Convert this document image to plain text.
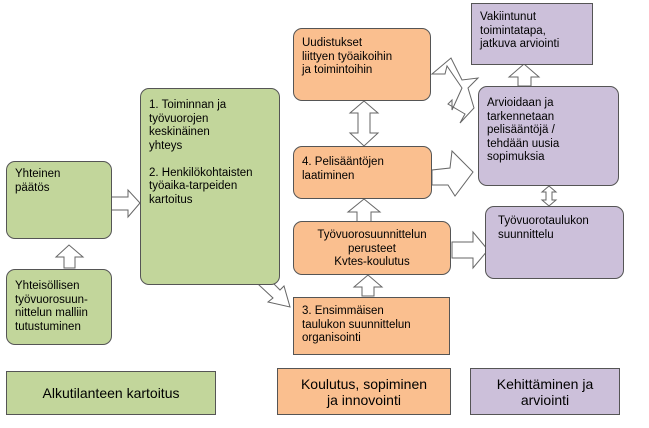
Yhteinen
päätös
Yhteisöllisen
työvuorosuun-
nittelun malliin
tutustuminen
1. Toiminnan ja
työvuorojen
keskinäinen
yhteys

2. Henkilökohtaisten
työaika-tarpeiden
kartoitus
Uudistukset
liittyen työaikoihin
ja toimintoihin
4. Pelisääntöjen
laatiminen
Työvuorosuunnittelun
perusteet
Kvtes-koulutus
3. Ensimmäisen
taulukon suunnittelun
organisointi
Vakiintunut
toimintatapa,
jatkuva arviointi
Arvioidaan ja
tarkennetaan
pelisääntöjä /
tehdään uusia
sopimuksia
Työvuorotaulukon
suunnittelu
Alkutilanteen kartoitus
Koulutus, sopiminen
ja innovointi
Kehittäminen ja
arviointi
